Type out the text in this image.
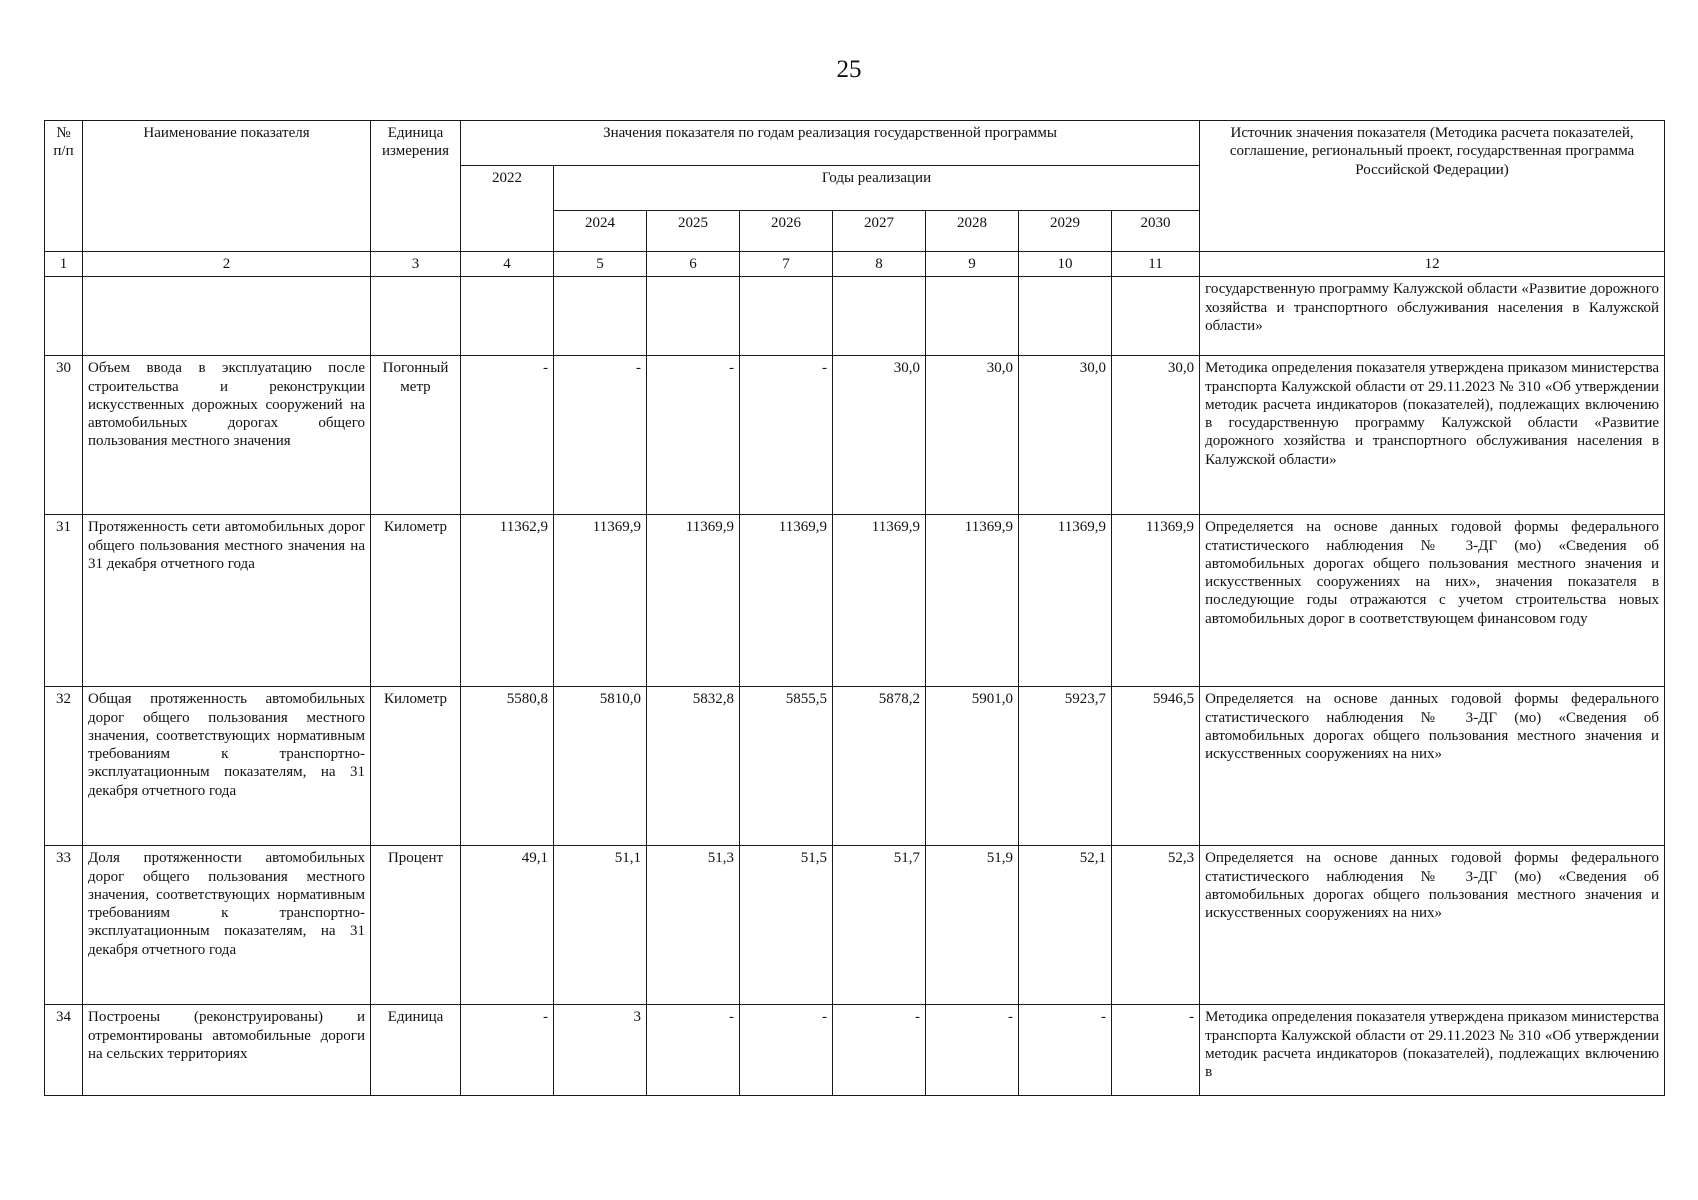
25
№ п/п	Наименование показателя	Единица измерения	Значения показателя по годам реализация государственной программы								Источник значения показателя (Методика расчета показателей, соглашение, региональный проект, государственная программа Российской Федерации)
			2022	Годы реализации							
				2024	2025	2026	2027	2028	2029	2030	
1	2	3	4	5	6	7	8	9	10	11	12
											государственную программу Калужской области «Развитие дорожного хозяйства и транспортного обслуживания населения в Калужской области»
30	Объем ввода в эксплуатацию после строительства и реконструкции искусственных дорожных сооружений на автомобильных дорогах общего пользования местного значения	Погонный метр	-	-	-	-	30,0	30,0	30,0	30,0	Методика определения показателя утверждена приказом министерства транспорта Калужской области от 29.11.2023 № 310 «Об утверждении методик расчета индикаторов (показателей), подлежащих включению в государственную программу Калужской области «Развитие дорожного хозяйства и транспортного обслуживания населения в Калужской области»
31	Протяженность сети автомобильных дорог общего пользования местного значения на 31 декабря отчетного года	Километр	11362,9	11369,9	11369,9	11369,9	11369,9	11369,9	11369,9	11369,9	Определяется на основе данных годовой формы федерального статистического наблюдения № 3-ДГ (мо) «Сведения об автомобильных дорогах общего пользования местного значения и искусственных сооружениях на них», значения показателя в последующие годы отражаются с учетом строительства новых автомобильных дорог в соответствующем финансовом году
32	Общая протяженность автомобильных дорог общего пользования местного значения, соответствующих нормативным требованиям к транспортно-эксплуатационным показателям, на 31 декабря отчетного года	Километр	5580,8	5810,0	5832,8	5855,5	5878,2	5901,0	5923,7	5946,5	Определяется на основе данных годовой формы федерального статистического наблюдения № 3-ДГ (мо) «Сведения об автомобильных дорогах общего пользования местного значения и искусственных сооружениях на них»
33	Доля протяженности автомобильных дорог общего пользования местного значения, соответствующих нормативным требованиям к транспортно-эксплуатационным показателям, на 31 декабря отчетного года	Процент	49,1	51,1	51,3	51,5	51,7	51,9	52,1	52,3	Определяется на основе данных годовой формы федерального статистического наблюдения № 3-ДГ (мо) «Сведения об автомобильных дорогах общего пользования местного значения и искусственных сооружениях на них»
34	Построены (реконструированы) и отремонтированы автомобильные дороги на сельских территориях	Единица	-	3	-	-	-	-	-	-	Методика определения показателя утверждена приказом министерства транспорта Калужской области от 29.11.2023 № 310 «Об утверждении методик расчета индикаторов (показателей), подлежащих включению в
